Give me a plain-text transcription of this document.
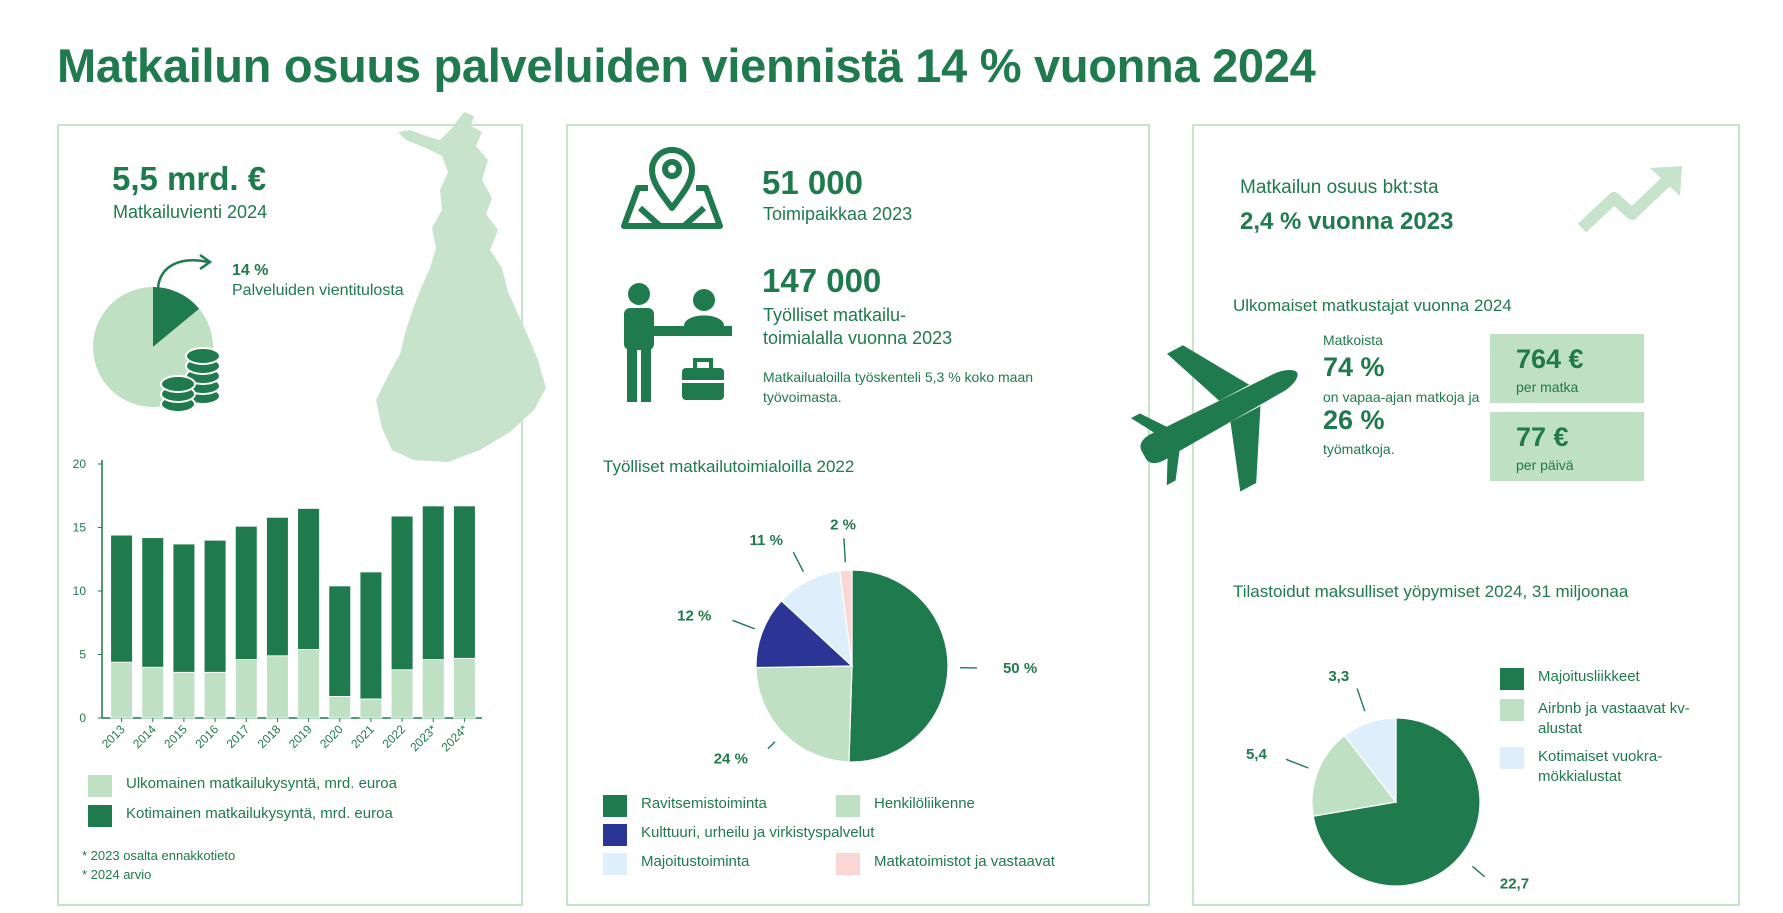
Matkailun osuus palveluiden viennistä 14 % vuonna 2024
5,5 mrd. €
Matkailuvienti 2024
14 %
Palveluiden vientitulosta
0
5
10
15
20
2013 2014 2015 2016 2017 2018 2019 2020 2021 2022 2023* 2024*
Ulkomainen matkailukysyntä, mrd. euroa
Kotimainen matkailukysyntä, mrd. euroa
* 2023 osalta ennakkotieto
* 2024 arvio
51 000
Toimipaikkaa 2023
147 000
Työlliset matkailu-
toimialalla vuonna 2023
Matkailualoilla työskenteli 5,3 % koko maan
työvoimasta.
Työlliset matkailutoimialoilla 2022
50 %
24 %
12 %
11 %
2 %
Ravitsemistoiminta	Henkilöliikenne
Kulttuuri, urheilu ja virkistyspalvelut
Majoitustoiminta	Matkatoimistot ja vastaavat
Matkailun osuus bkt:sta
2,4 % vuonna 2023
Ulkomaiset matkustajat vuonna 2024
Matkoista
74 %
on vapaa-ajan matkoja ja
26 %
työmatkoja.
764 €
per matka
77 €
per päivä
Tilastoidut maksulliset yöpymiset 2024, 31 miljoonaa
22,7
5,4
3,3	Majoitusliikkeet
Airbnb ja vastaavat kv-
alustat
Kotimaiset vuokra-
mökkialustat
